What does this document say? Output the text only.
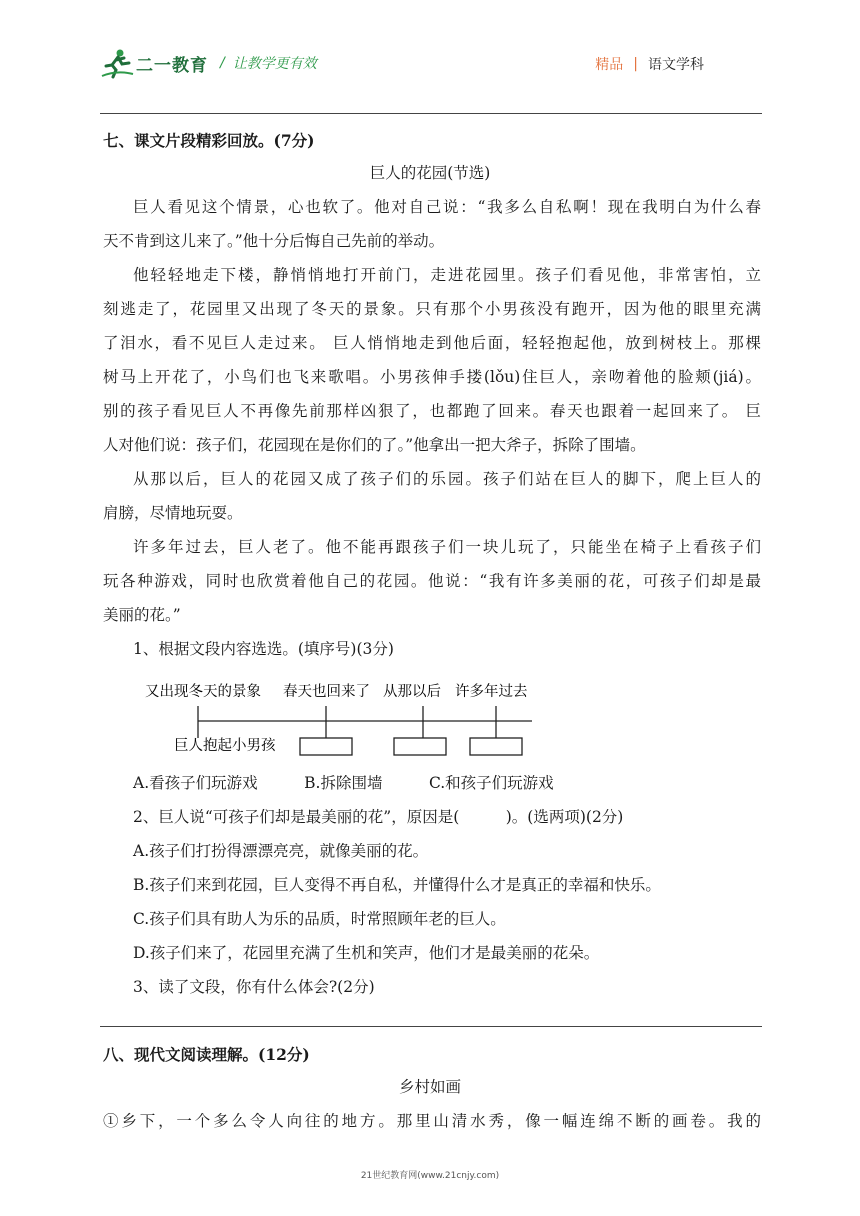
二一教育 / 让教学更有效	精品 | 语文学科
七、课文片段精彩回放。(7分)
巨人的花园(节选)
巨人看见这个情景，心也软了。他对自己说：“我多么自私啊！现在我明白为什么春
天不肯到这儿来了。”他十分后悔自己先前的举动。
他轻轻地走下楼，静悄悄地打开前门，走进花园里。孩子们看见他，非常害怕，立
刻逃走了，花园里又出现了冬天的景象。只有那个小男孩没有跑开，因为他的眼里充满
了泪水，看不见巨人走过来。 巨人悄悄地走到他后面，轻轻抱起他，放到树枝上。那棵
树马上开花了，小鸟们也飞来歌唱。小男孩伸手搂(lǒu)住巨人，亲吻着他的脸颊(jiá)。
别的孩子看见巨人不再像先前那样凶狠了，也都跑了回来。春天也跟着一起回来了。 巨
人对他们说：孩子们，花园现在是你们的了。”他拿出一把大斧子，拆除了围墙。
从那以后，巨人的花园又成了孩子们的乐园。孩子们站在巨人的脚下，爬上巨人的
肩膀，尽情地玩耍。
许多年过去，巨人老了。他不能再跟孩子们一块儿玩了，只能坐在椅子上看孩子们
玩各种游戏，同时也欣赏着他自己的花园。他说：“我有许多美丽的花，可孩子们却是最
美丽的花。”
1、根据文段内容选选。(填序号)(3分)
又出现冬天的景象 春天也回来了 从那以后 许多年过去
巨人抱起小男孩
A.看孩子们玩游戏　　　B.拆除围墙　　　C.和孩子们玩游戏
2、巨人说“可孩子们却是最美丽的花”，原因是(　　　)。(选两项)(2分)
A.孩子们打扮得漂漂亮亮，就像美丽的花。
B.孩子们来到花园，巨人变得不再自私，并懂得什么才是真正的幸福和快乐。
C.孩子们具有助人为乐的品质，时常照顾年老的巨人。
D.孩子们来了，花园里充满了生机和笑声，他们才是最美丽的花朵。
3、读了文段，你有什么体会?(2分)
八、现代文阅读理解。(12分)
乡村如画
①乡下，一个多么令人向往的地方。那里山清水秀，像一幅连绵不断的画卷。我的
21世纪教育网(www.21cnjy.com)
